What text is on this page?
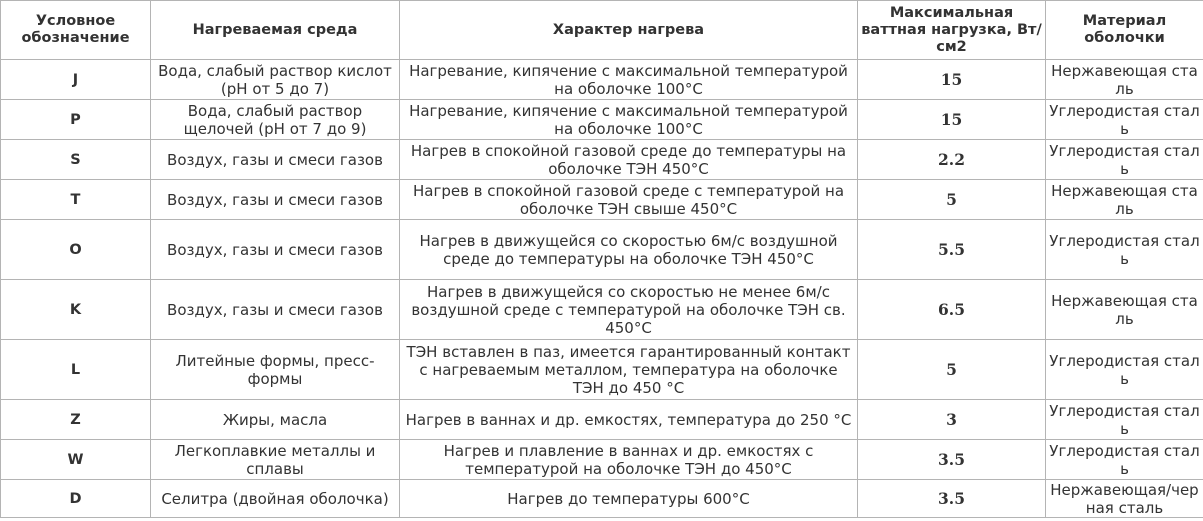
Условное обозначение	Нагреваемая среда	Характер нагрева	Максимальная ваттная нагрузка, Вт/см2	Материал оболочки
J	Вода, слабый раствор кислот (pH от 5 до 7)	Нагревание, кипячение с максимальной температурой на оболочке 100°C	15	Нержавеющая сталь
P	Вода, слабый раствор щелочей (pH от 7 до 9)	Нагревание, кипячение с максимальной температурой на оболочке 100°C	15	Углеродистая сталь
S	Воздух, газы и смеси газов	Нагрев в спокойной газовой среде до температуры на оболочке ТЭН 450°C	2.2	Углеродистая сталь
T	Воздух, газы и смеси газов	Нагрев в спокойной газовой среде с температурой на оболочке ТЭН свыше 450°C	5	Нержавеющая сталь
O	Воздух, газы и смеси газов	Нагрев в движущейся со скоростью 6м/с воздушной среде до температуры на оболочке ТЭН 450°C	5.5	Углеродистая сталь
K	Воздух, газы и смеси газов	Нагрев в движущейся со скоростью не менее 6м/с воздушной среде с температурой на оболочке ТЭН св. 450°C	6.5	Нержавеющая сталь
L	Литейные формы, пресс-формы	ТЭН вставлен в паз, имеется гарантированный контакт с нагреваемым металлом, температура на оболочке ТЭН до 450 °C	5	Углеродистая сталь
Z	Жиры, масла	Нагрев в ваннах и др. емкостях, температура до 250 °C	3	Углеродистая сталь
W	Легкоплавкие металлы и сплавы	Нагрев и плавление в ваннах и др. емкостях с температурой на оболочке ТЭН до 450°C	3.5	Углеродистая сталь
D	Селитра (двойная оболочка)	Нагрев до температуры 600°C	3.5	Нержавеющая/черная сталь
